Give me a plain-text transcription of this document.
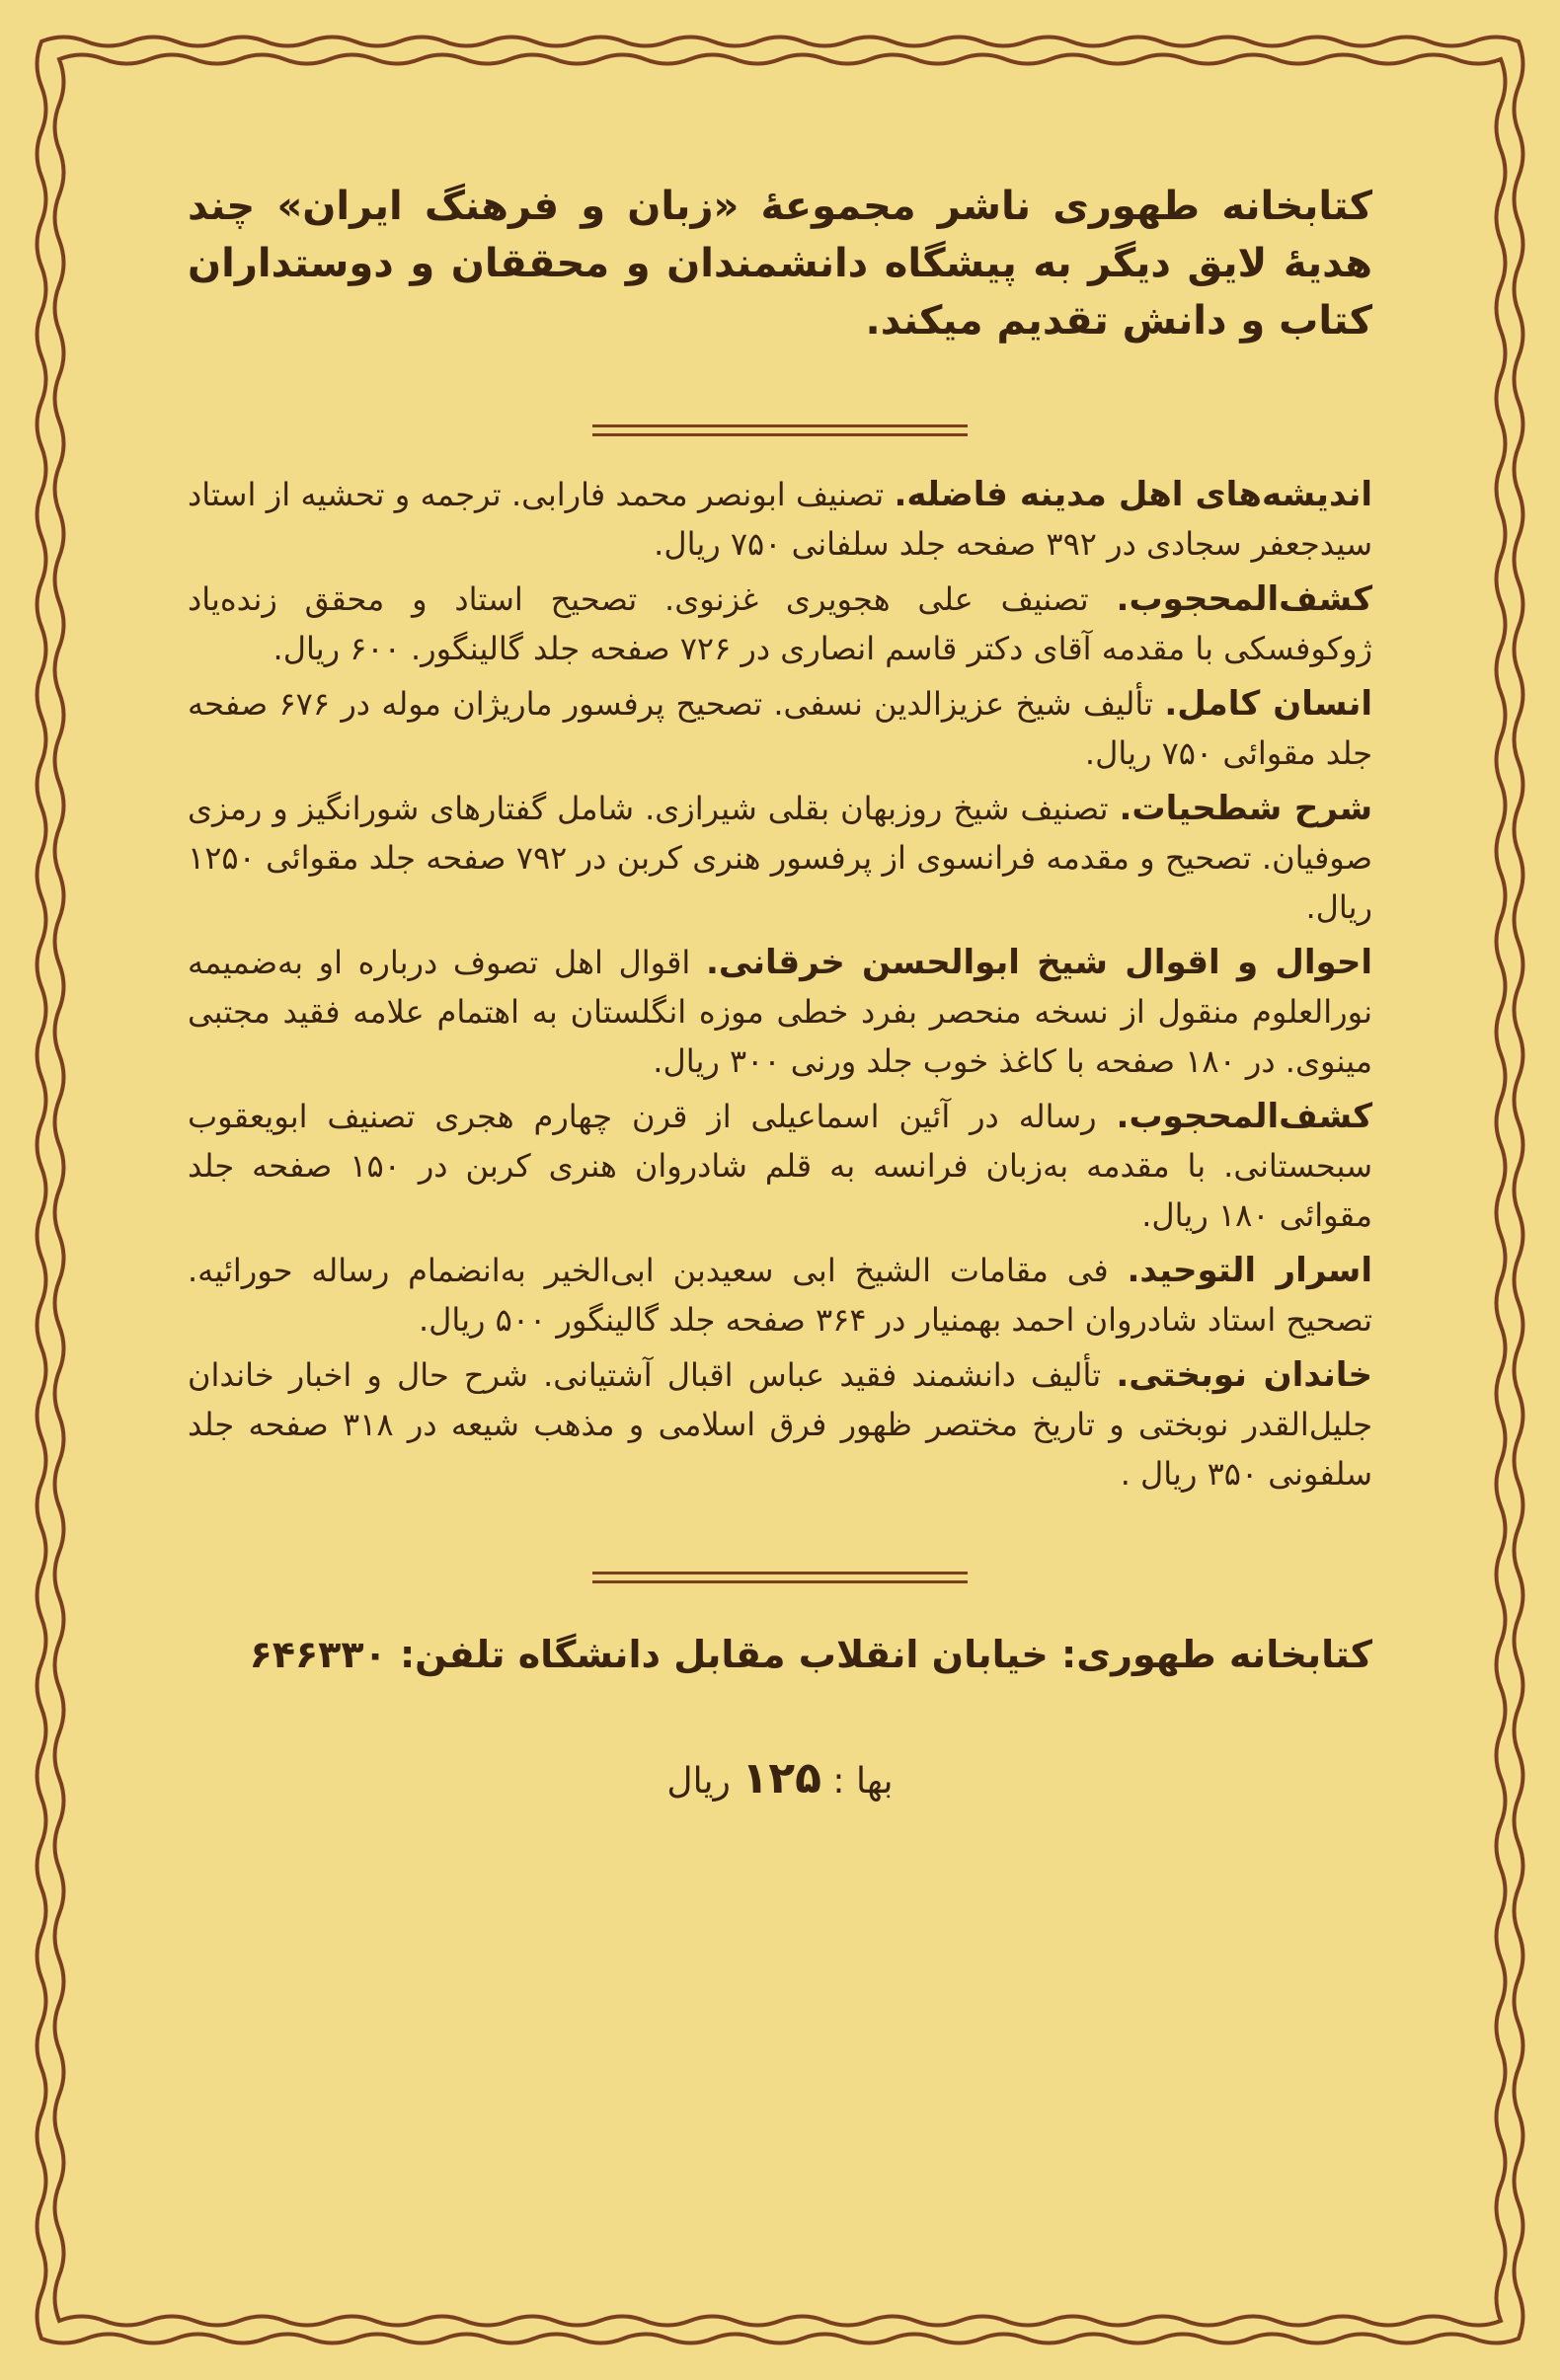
کتابخانه طهوری ناشر مجموعهٔ «زبان و فرهنگ ایران» چند هدیهٔ لایق دیگر به پیشگاه دانشمندان و محققان و دوستداران کتاب و دانش تقدیم میکند.

اندیشه‌های اهل مدینه فاضله. تصنیف ابونصر محمد فارابی. ترجمه و تحشیه از استاد سیدجعفر سجادی در ۳۹۲ صفحه جلد سلفانی ۷۵۰ ریال.

کشف‌المحجوب. تصنیف علی هجویری غزنوی. تصحیح استاد و محقق زنده‌یاد ژوکوفسکی با مقدمه آقای دکتر قاسم انصاری در ۷۲۶ صفحه جلد گالینگور. ۶۰۰ ریال.

انسان کامل. تألیف شیخ عزیزالدین نسفی. تصحیح پرفسور ماریژان موله در ۶۷۶ صفحه جلد مقوائی ۷۵۰ ریال.

شرح شطحیات. تصنیف شیخ روزبهان بقلی شیرازی. شامل گفتارهای شورانگیز و رمزی صوفیان. تصحیح و مقدمه فرانسوی از پرفسور هنری کربن در ۷۹۲ صفحه جلد مقوائی ۱۲۵۰ ریال.

احوال و اقوال شیخ ابوالحسن خرقانی. اقوال اهل تصوف درباره او به‌ضمیمه نورالعلوم منقول از نسخه منحصر بفرد خطی موزه انگلستان به اهتمام علامه فقید مجتبی مینوی. در ۱۸۰ صفحه با کاغذ خوب جلد ورنی ۳۰۰ ریال.

کشف‌المحجوب. رساله در آئین اسماعیلی از قرن چهارم هجری تصنیف ابویعقوب سبحستانی. با مقدمه به‌زبان فرانسه به قلم شادروان هنری کربن در ۱۵۰ صفحه جلد مقوائی ۱۸۰ ریال.

اسرار التوحید. فی مقامات الشیخ ابی سعیدبن ابی‌الخیر به‌انضمام رساله حورائیه. تصحیح استاد شادروان احمد بهمنیار در ۳۶۴ صفحه جلد گالینگور ۵۰۰ ریال.

خاندان نوبختی. تألیف دانشمند فقید عباس اقبال آشتیانی. شرح حال و اخبار خاندان جلیل‌القدر نوبختی و تاریخ مختصر ظهور فرق اسلامی و مذهب شیعه در ۳۱۸ صفحه جلد سلفونی ۳۵۰ ریال .

کتابخانه طهوری: خیابان انقلاب مقابل دانشگاه تلفن: ۶۴۶۳۳۰

بها : ۱۲۵ ریال
